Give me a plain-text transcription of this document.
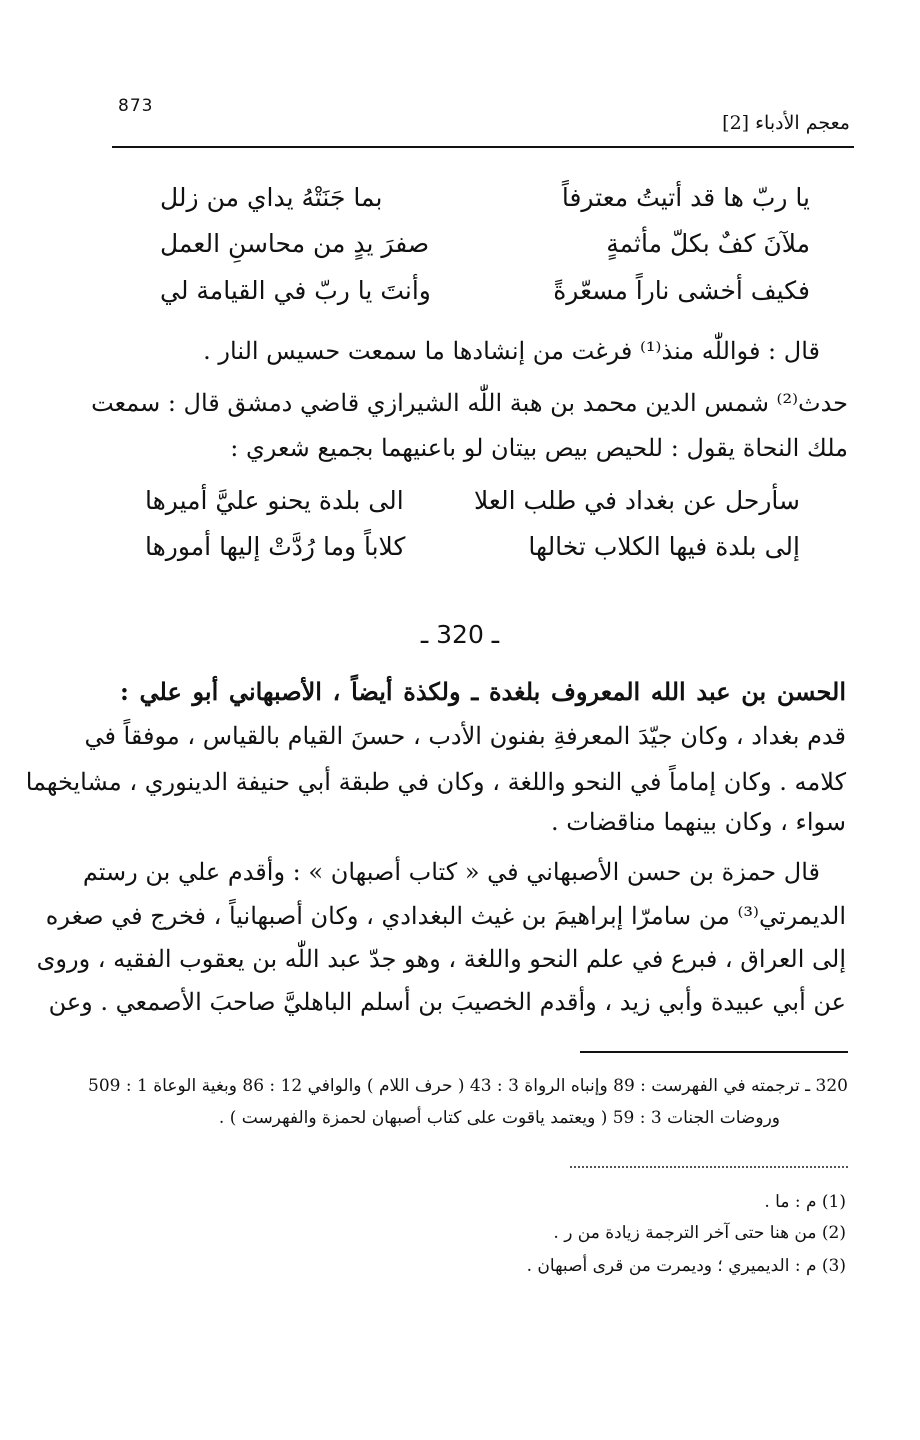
873
معجم الأدباء [2]
يا ربّ ها قد أتيتُ معترفاً
بما جَنَتْهُ يداي من زلل
ملآنَ كفٌ بكلّ مأثمةٍ
صفرَ يدٍ من محاسنِ العمل
فكيف أخشى ناراً مسعّرةً
وأنتَ يا ربّ في القيامة لي
قال : فواللّٰه منذ⁽¹⁾ فرغت من إنشادها ما سمعت حسيس النار .
حدث⁽²⁾ شمس الدين محمد بن هبة اللّٰه الشيرازي قاضي دمشق قال : سمعت
ملك النحاة يقول : للحيص بيص بيتان لو باعنيهما بجميع شعري :
سأرحل عن بغداد في طلب العلا
الى بلدة يحنو عليَّ أميرها
إلى بلدة فيها الكلاب تخالها
كلاباً وما رُدَّتْ إليها أمورها
ـ 320 ـ
الحسن بن عبد الله المعروف بلغدة ـ ولكذة أيضاً ، الأصبهاني أبو علي :
قدم بغداد ، وكان جيّدَ المعرفةِ بفنون الأدب ، حسنَ القيام بالقياس ، موفقاً في
كلامه . وكان إماماً في النحو واللغة ، وكان في طبقة أبي حنيفة الدينوري ، مشايخهما
سواء ، وكان بينهما مناقضات .
قال حمزة بن حسن الأصبهاني في « كتاب أصبهان » : وأقدم علي بن رستم
الديمرتي⁽³⁾ من سامرّا إبراهيمَ بن غيث البغدادي ، وكان أصبهانياً ، فخرج في صغره
إلى العراق ، فبرع في علم النحو واللغة ، وهو جدّ عبد اللّٰه بن يعقوب الفقيه ، وروى
عن أبي عبيدة وأبي زيد ، وأقدم الخصيبَ بن أسلم الباهليَّ صاحبَ الأصمعي . وعن
320 ـ ترجمته في الفهرست : 89 وإنباه الرواة 3 : 43 ( حرف اللام ) والوافي 12 : 86 وبغية الوعاة 1 : 509
وروضات الجنات 3 : 59 ( ويعتمد ياقوت على كتاب أصبهان لحمزة والفهرست ) .
(1) م : ما .
(2) من هنا حتى آخر الترجمة زيادة من ر .
(3) م : الديميري ؛ وديمرت من قرى أصبهان .
